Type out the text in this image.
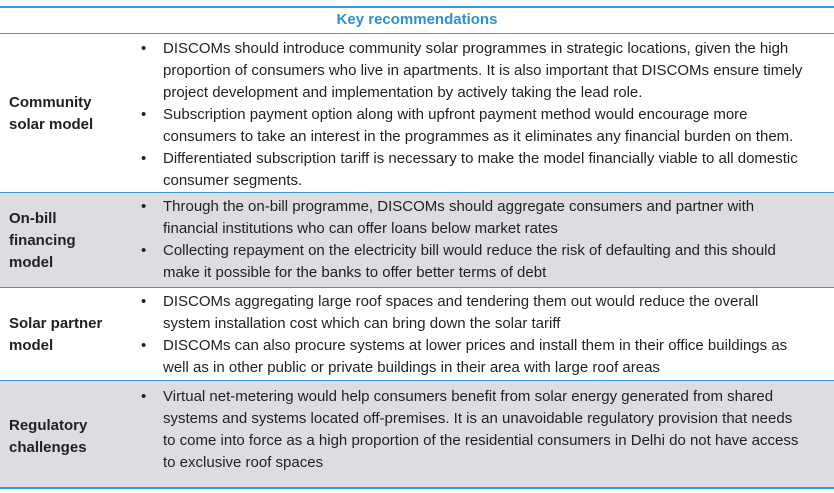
Key recommendations
Community
solar model
• DISCOMs should introduce community solar programmes in strategic locations, given the high
proportion of consumers who live in apartments. It is also important that DISCOMs ensure timely
project development and implementation by actively taking the lead role.
• Subscription payment option along with upfront payment method would encourage more
consumers to take an interest in the programmes as it eliminates any financial burden on them.
• Differentiated subscription tariff is necessary to make the model financially viable to all domestic
consumer segments.
On-bill
financing
model
• Through the on-bill programme, DISCOMs should aggregate consumers and partner with
financial institutions who can offer loans below market rates
• Collecting repayment on the electricity bill would reduce the risk of defaulting and this should
make it possible for the banks to offer better terms of debt
Solar partner
model
• DISCOMs aggregating large roof spaces and tendering them out would reduce the overall
system installation cost which can bring down the solar tariff
• DISCOMs can also procure systems at lower prices and install them in their office buildings as
well as in other public or private buildings in their area with large roof areas
Regulatory
challenges
• Virtual net-metering would help consumers benefit from solar energy generated from shared
systems and systems located off-premises. It is an unavoidable regulatory provision that needs
to come into force as a high proportion of the residential consumers in Delhi do not have access
to exclusive roof spaces
